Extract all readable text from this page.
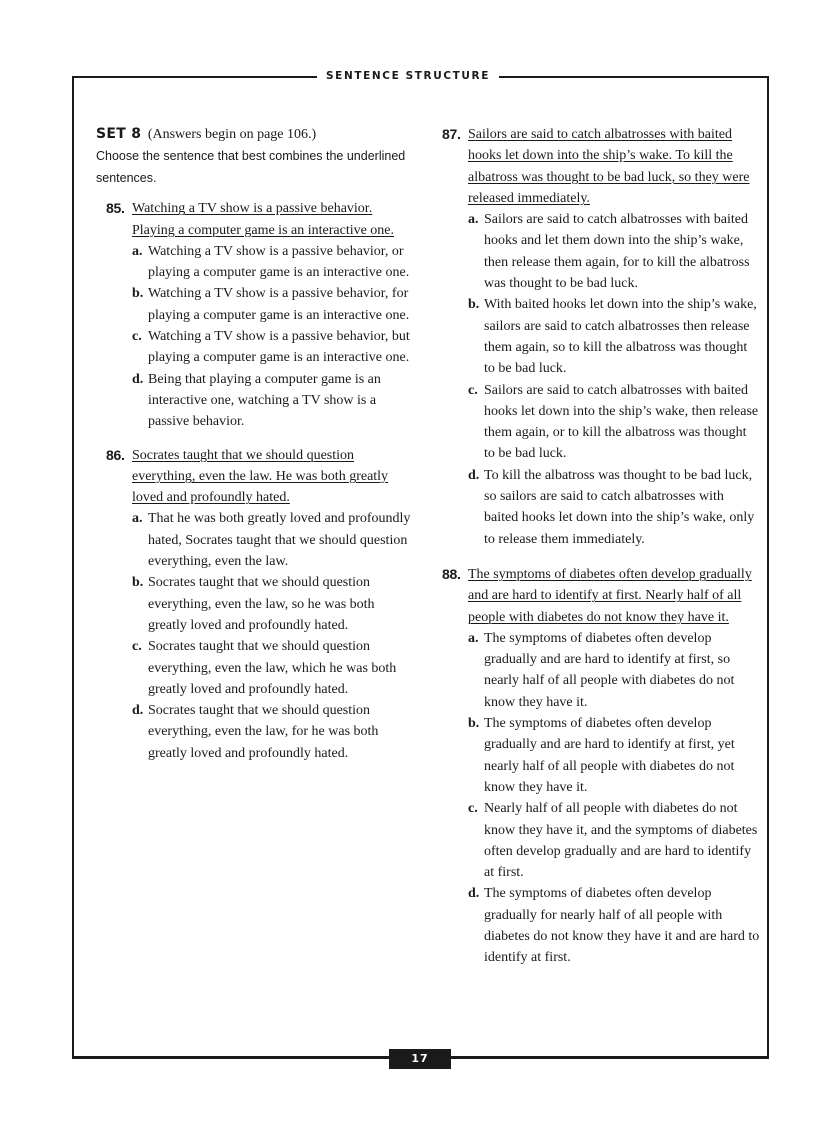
SENTENCE STRUCTURE

SET 8 (Answers begin on page 106.)

Choose the sentence that best combines the underlined sentences.

85. Watching a TV show is a passive behavior. Playing a computer game is an interactive one.
a. Watching a TV show is a passive behavior, or playing a computer game is an interactive one.
b. Watching a TV show is a passive behavior, for playing a computer game is an interactive one.
c. Watching a TV show is a passive behavior, but playing a computer game is an interactive one.
d. Being that playing a computer game is an interactive one, watching a TV show is a passive behavior.
86. Socrates taught that we should question everything, even the law. He was both greatly loved and profoundly hated.
a. That he was both greatly loved and profoundly hated, Socrates taught that we should question everything, even the law.
b. Socrates taught that we should question everything, even the law, so he was both greatly loved and profoundly hated.
c. Socrates taught that we should question everything, even the law, which he was both greatly loved and profoundly hated.
d. Socrates taught that we should question everything, even the law, for he was both greatly loved and profoundly hated.
87. Sailors are said to catch albatrosses with baited hooks let down into the ship’s wake. To kill the albatross was thought to be bad luck, so they were released immediately.
a. Sailors are said to catch albatrosses with baited hooks and let them down into the ship’s wake, then release them again, for to kill the albatross was thought to be bad luck.
b. With baited hooks let down into the ship’s wake, sailors are said to catch albatrosses then release them again, so to kill the albatross was thought to be bad luck.
c. Sailors are said to catch albatrosses with baited hooks let down into the ship’s wake, then release them again, or to kill the albatross was thought to be bad luck.
d. To kill the albatross was thought to be bad luck, so sailors are said to catch albatrosses with baited hooks let down into the ship’s wake, only to release them immediately.
88. The symptoms of diabetes often develop gradually and are hard to identify at first. Nearly half of all people with diabetes do not know they have it.
a. The symptoms of diabetes often develop gradually and are hard to identify at first, so nearly half of all people with diabetes do not know they have it.
b. The symptoms of diabetes often develop gradually and are hard to identify at first, yet nearly half of all people with diabetes do not know they have it.
c. Nearly half of all people with diabetes do not know they have it, and the symptoms of diabetes often develop gradually and are hard to identify at first.
d. The symptoms of diabetes often develop gradually for nearly half of all people with diabetes do not know they have it and are hard to identify at first.
17
